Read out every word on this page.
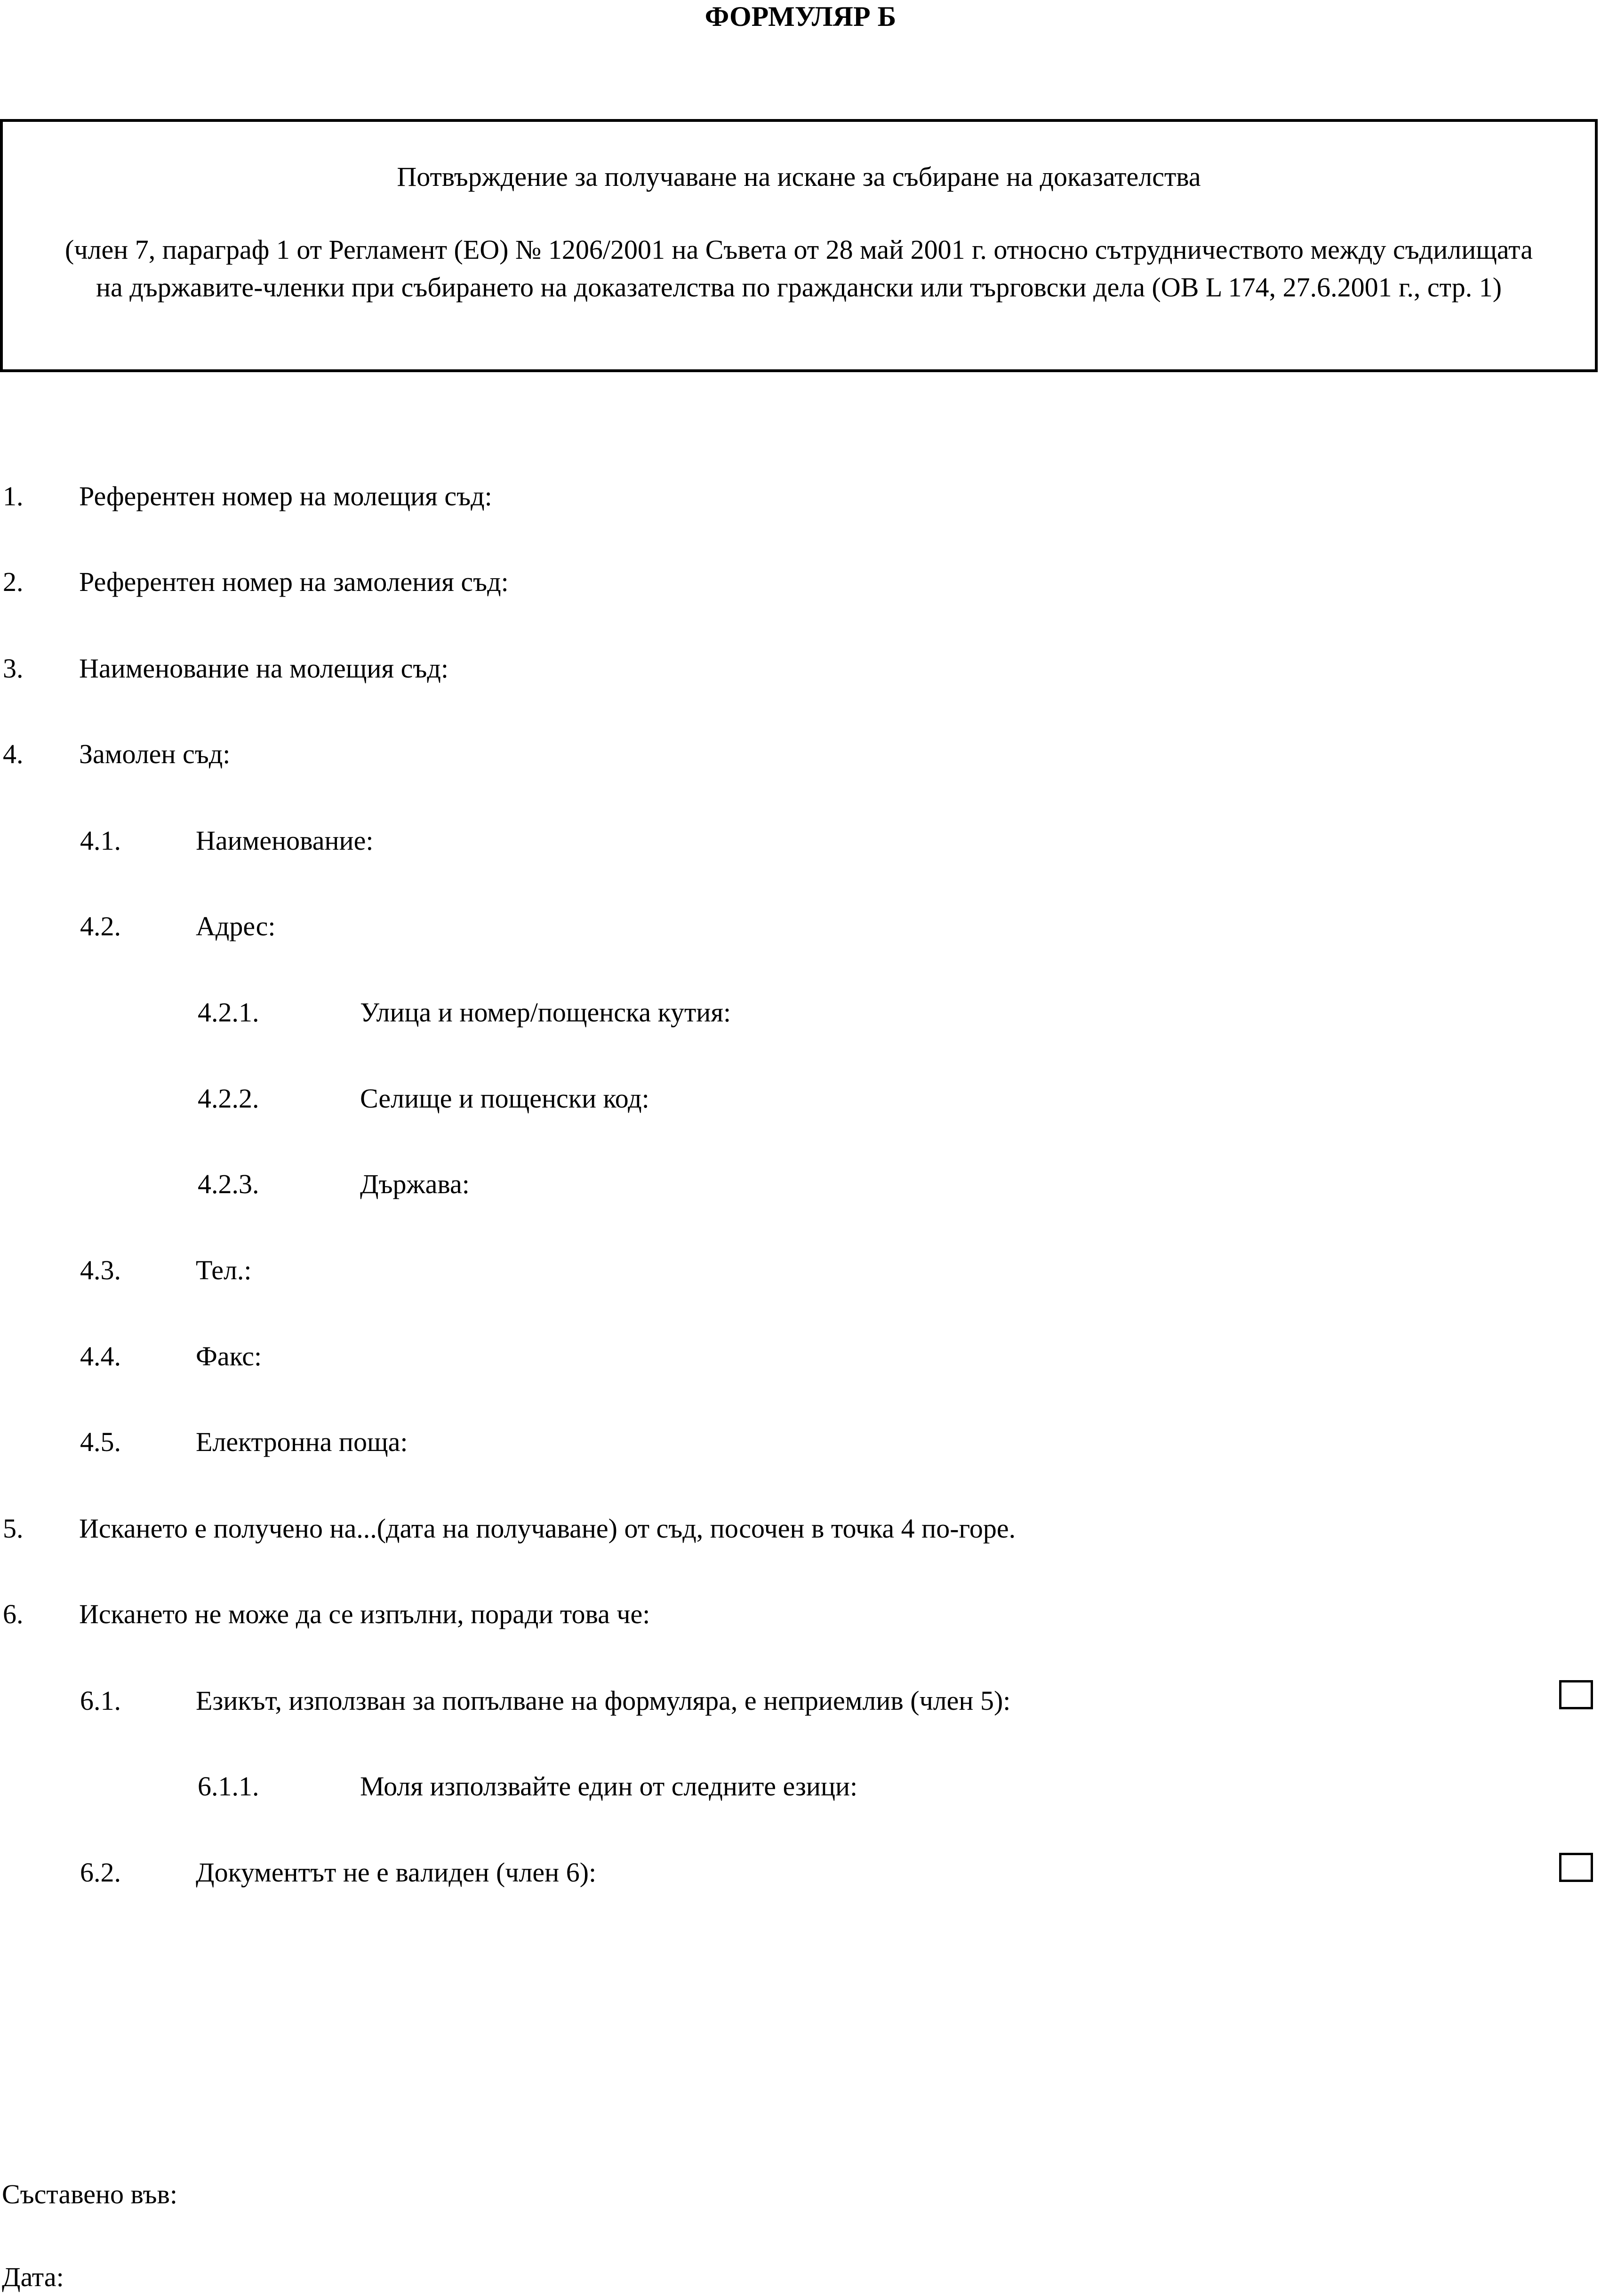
ФОРМУЛЯР Б
Потвърждение за получаване на искане за събиране на доказателства
(член 7, параграф 1 от Регламент (ЕО) № 1206/2001 на Съвета от 28 май 2001 г. относно сътрудничеството между съдилищата
на държавите-членки при събирането на доказателства по граждански или търговски дела (OB L 174, 27.6.2001 г., стр. 1)
1. Референтен номер на молещия съд:
2. Референтен номер на замоления съд:
3. Наименование на молещия съд:
4. Замолен съд:
4.1.	Наименование:
4.2.	Адрес:
4.2.1.	Улица и номер/пощенска кутия:
4.2.2.	Селище и пощенски код:
4.2.3.	Държава:
4.3.	Тел.:
4.4.	Факс:
4.5.	Електронна поща:
5. Искането е получено на...(дата на получаване) от съд, посочен в точка 4 по-горе.
6. Искането не може да се изпълни, поради това че:
6.1.	Езикът, използван за попълване на формуляра, е неприемлив (член 5):
6.1.1.	Моля използвайте един от следните езици:
6.2.	Документът не е валиден (член 6):
Съставено във:
Дата:
